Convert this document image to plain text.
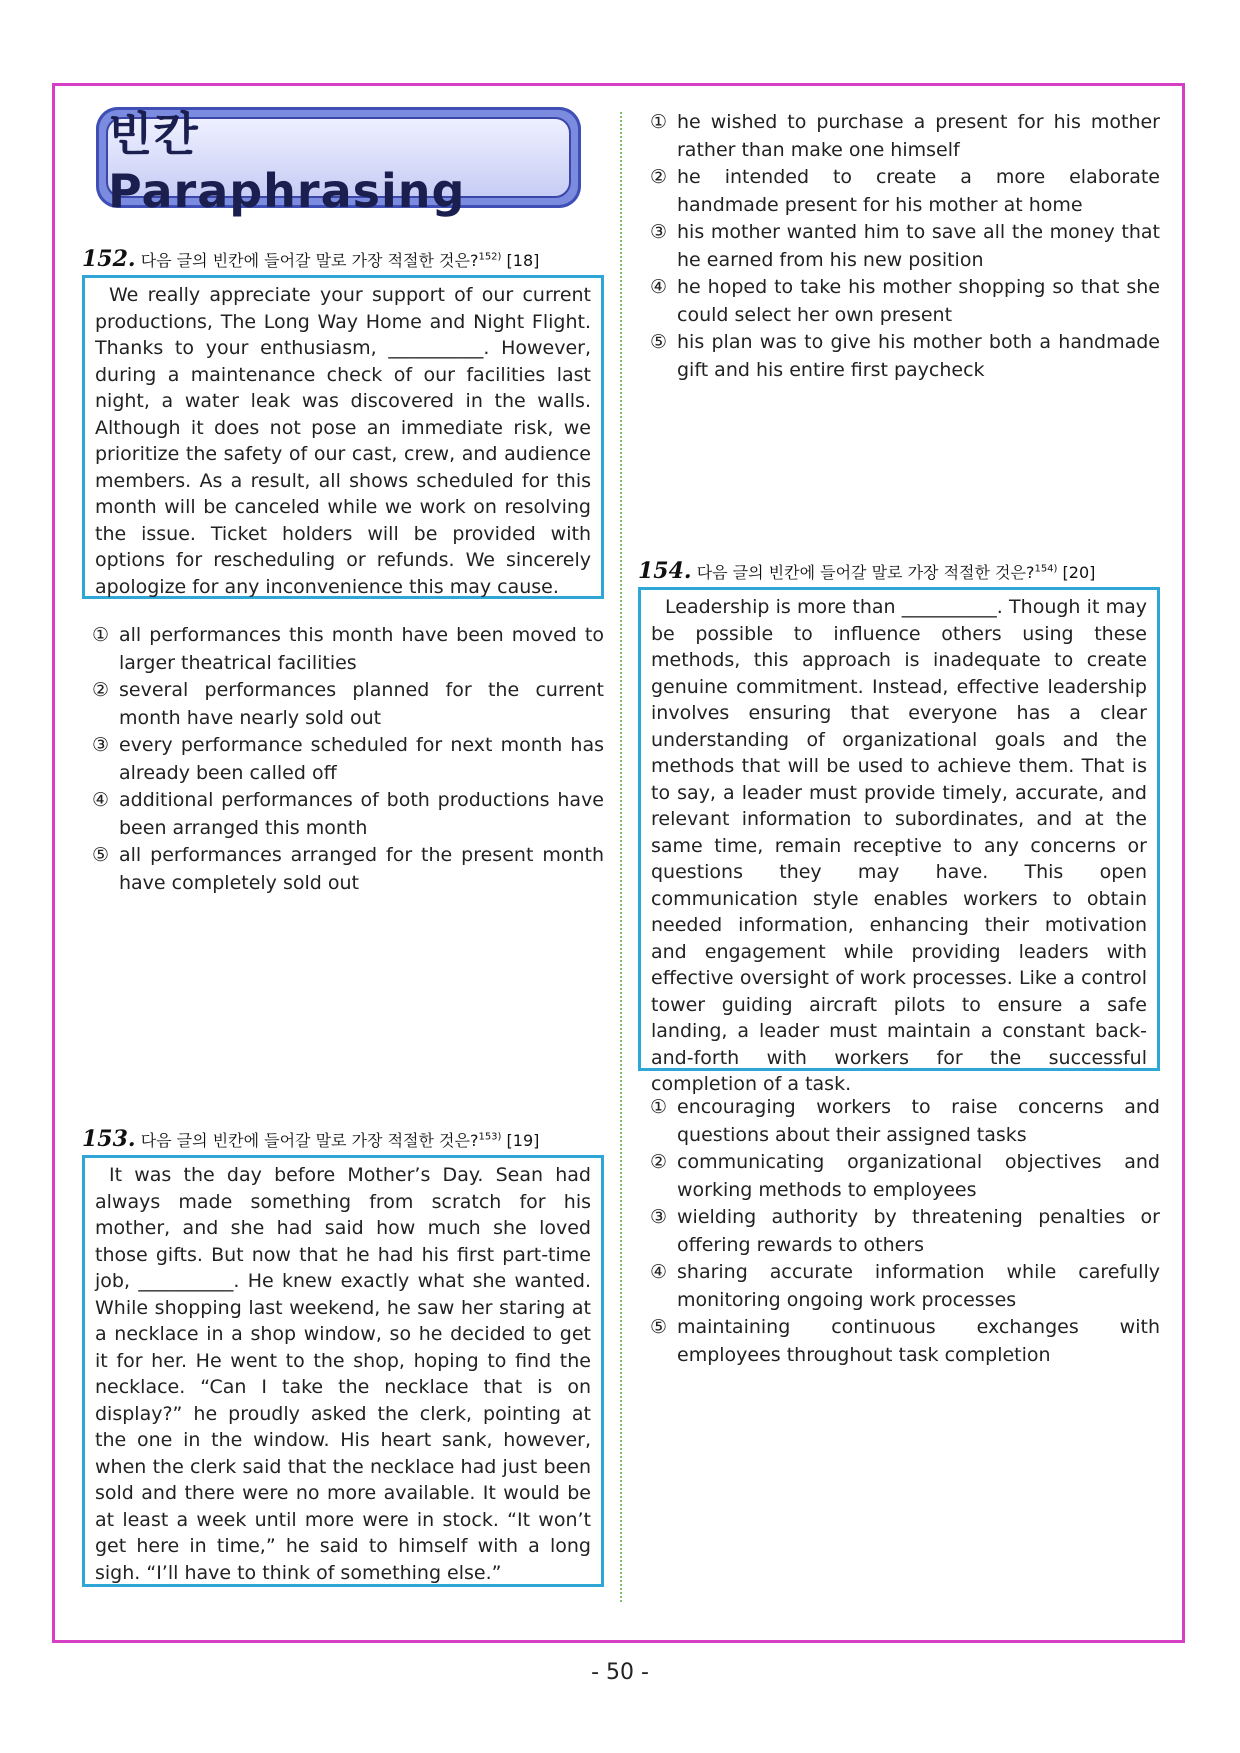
빈칸 Paraphrasing
152. 다음 글의 빈칸에 들어갈 말로 가장 적절한 것은?$^{152)}$ [18]

We really appreciate your support of our current productions, The Long Way Home and Night Flight. Thanks to your enthusiasm, __________. However, during a maintenance check of our facilities last night, a water leak was discovered in the walls. Although it does not pose an immediate risk, we prioritize the safety of our cast, crew, and audience members. As a result, all shows scheduled for this month will be canceled while we work on resolving the issue. Ticket holders will be provided with options for rescheduling or refunds. We sincerely apologize for any inconvenience this may cause.

① all performances this month have been moved to larger theatrical facilities
② several performances planned for the current month have nearly sold out
③ every performance scheduled for next month has already been called off
④ additional performances of both productions have been arranged this month
⑤ all performances arranged for the present month have completely sold out
153. 다음 글의 빈칸에 들어갈 말로 가장 적절한 것은?$^{153)}$ [19]

It was the day before Mother’s Day. Sean had always made something from scratch for his mother, and she had said how much she loved those gifts. But now that he had his first part-time job, __________. He knew exactly what she wanted. While shopping last weekend, he saw her staring at a necklace in a shop window, so he decided to get it for her. He went to the shop, hoping to find the necklace. “Can I take the necklace that is on display?” he proudly asked the clerk, pointing at the one in the window. His heart sank, however, when the clerk said that the necklace had just been sold and there were no more available. It would be at least a week until more were in stock. “It won’t get here in time,” he said to himself with a long sigh. “I’ll have to think of something else.”

① he wished to purchase a present for his mother rather than make one himself
② he intended to create a more elaborate handmade present for his mother at home
③ his mother wanted him to save all the money that he earned from his new position
④ he hoped to take his mother shopping so that she could select her own present
⑤ his plan was to give his mother both a handmade gift and his entire first paycheck
154. 다음 글의 빈칸에 들어갈 말로 가장 적절한 것은?$^{154)}$ [20]

Leadership is more than __________. Though it may be possible to influence others using these methods, this approach is inadequate to create genuine commitment. Instead, effective leadership involves ensuring that everyone has a clear understanding of organizational goals and the methods that will be used to achieve them. That is to say, a leader must provide timely, accurate, and relevant information to subordinates, and at the same time, remain receptive to any concerns or questions they may have. This open communication style enables workers to obtain needed information, enhancing their motivation and engagement while providing leaders with effective oversight of work processes. Like a control tower guiding aircraft pilots to ensure a safe landing, a leader must maintain a constant back-and-forth with workers for the successful completion of a task.

① encouraging workers to raise concerns and questions about their assigned tasks
② communicating organizational objectives and working methods to employees
③ wielding authority by threatening penalties or offering rewards to others
④ sharing accurate information while carefully monitoring ongoing work processes
⑤ maintaining continuous exchanges with employees throughout task completion
- 50 -
